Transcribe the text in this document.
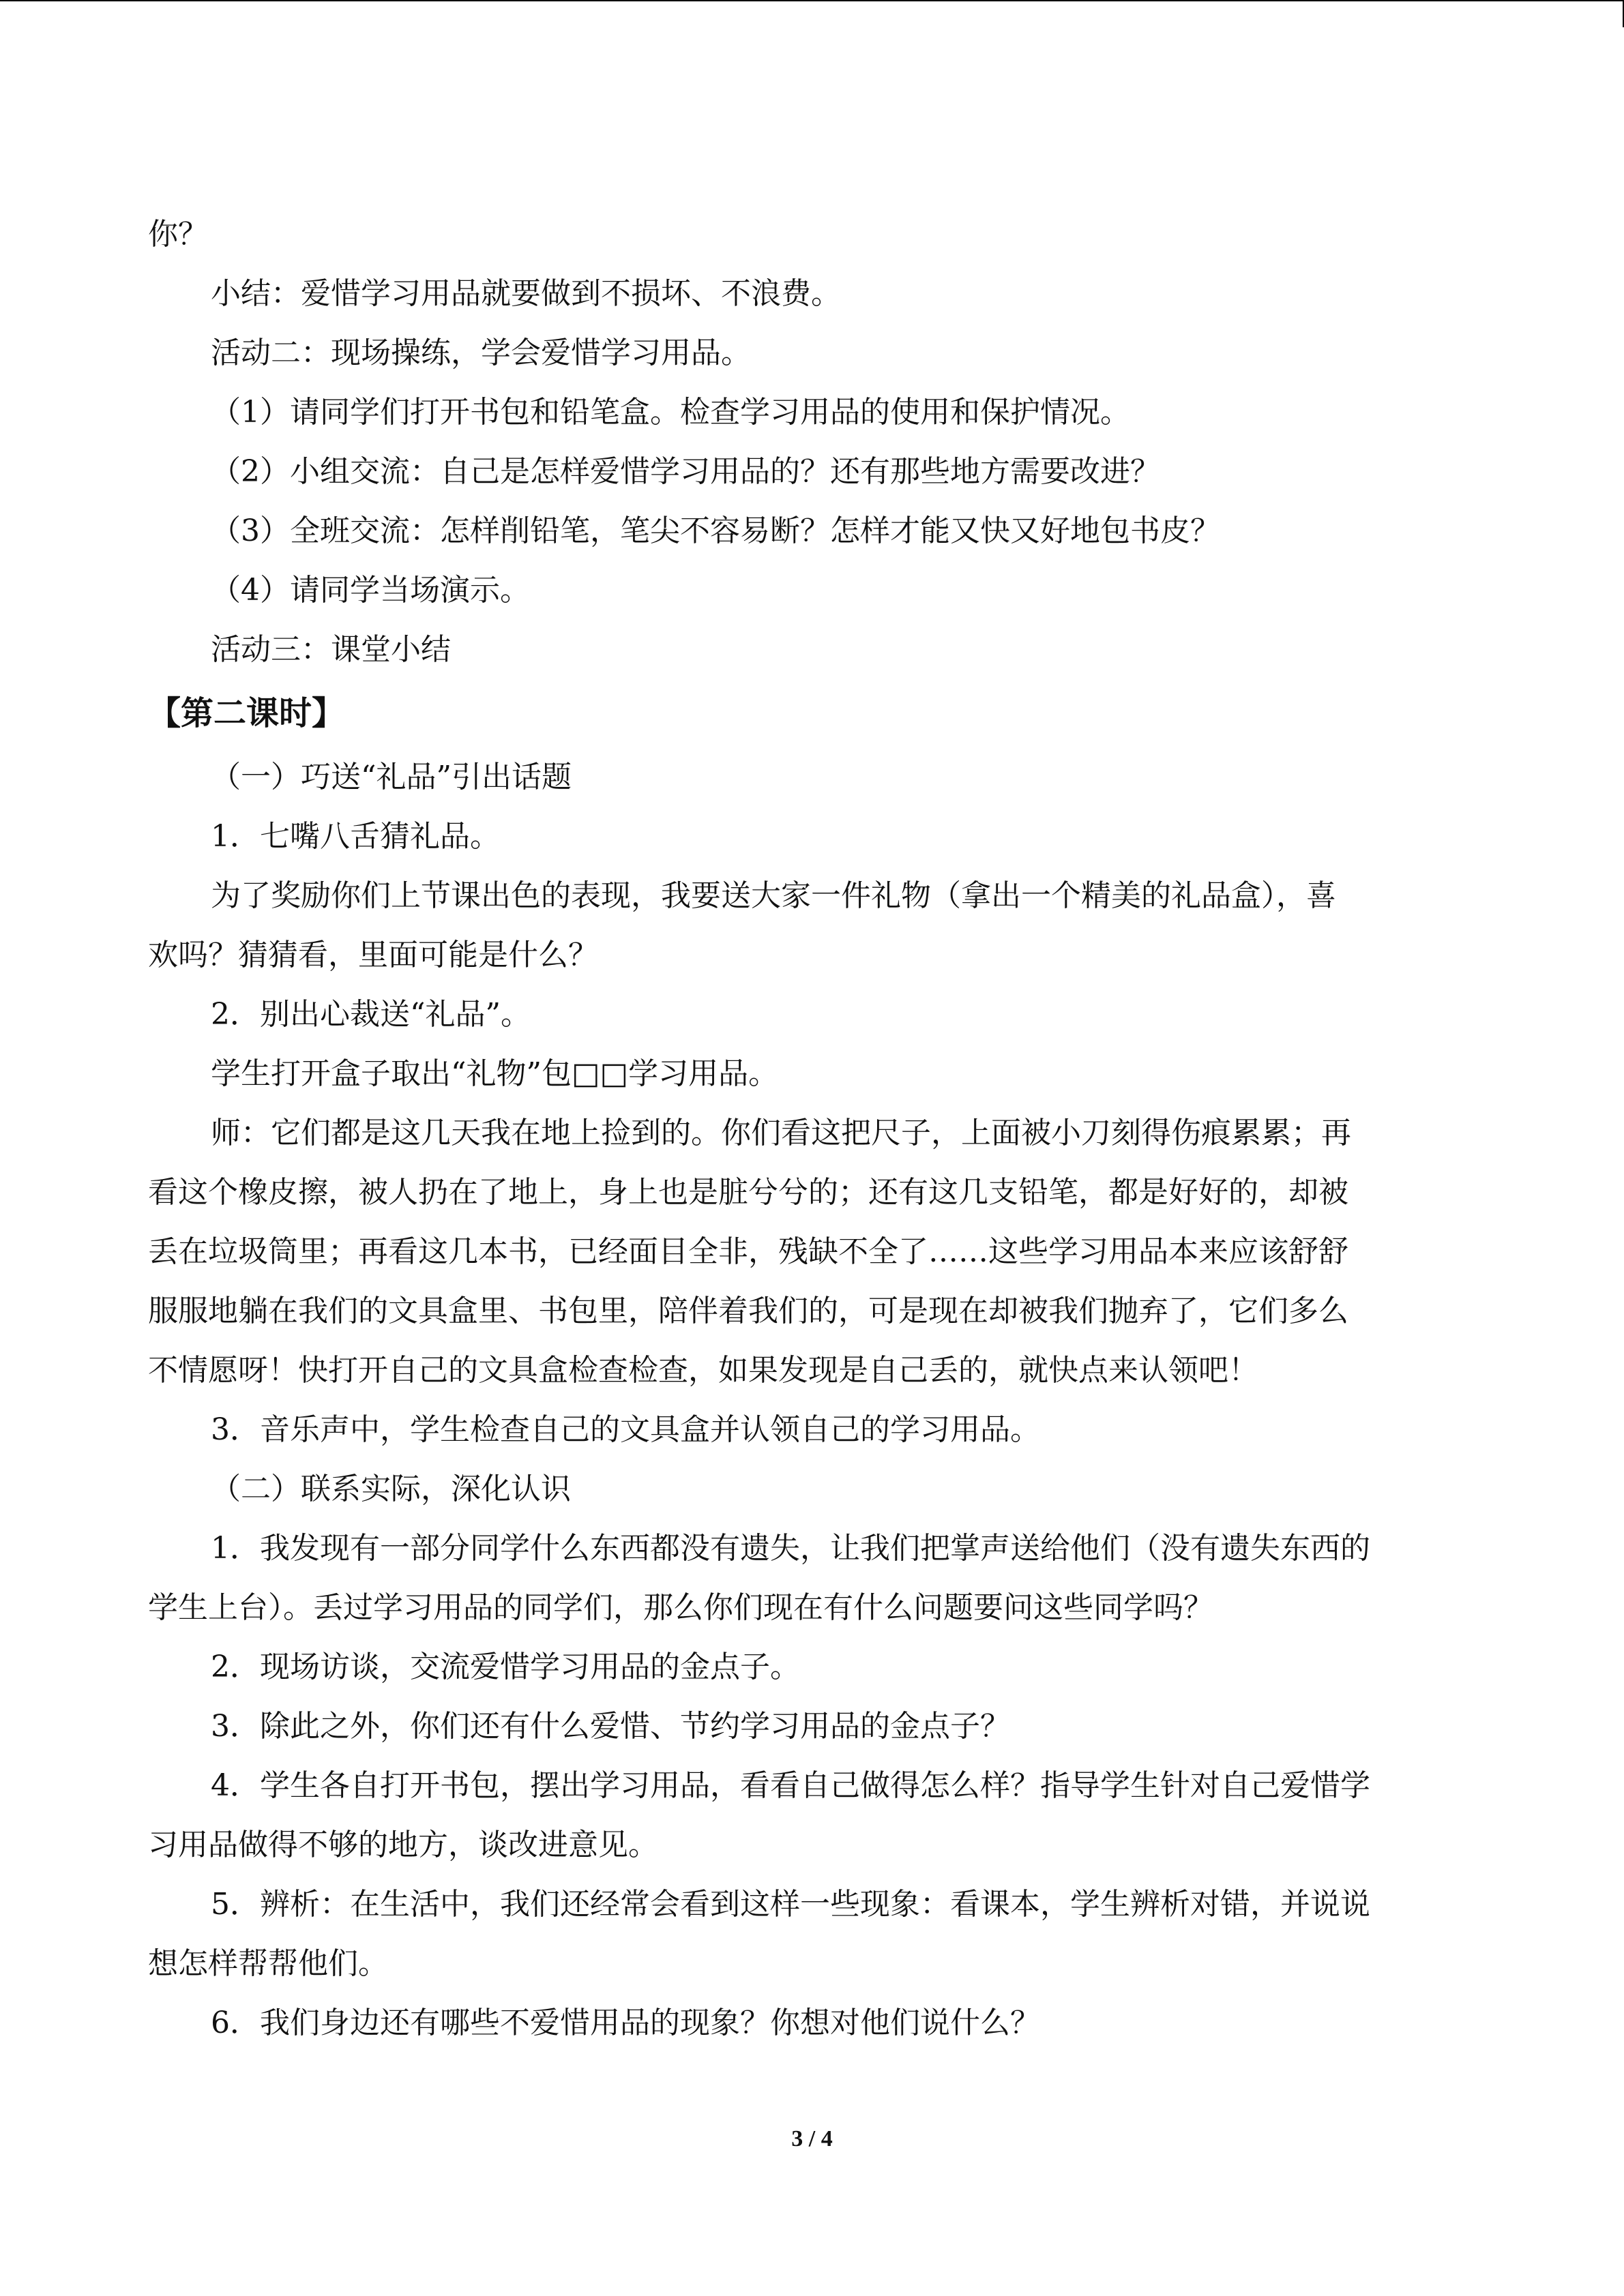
你？
小结：爱惜学习用品就要做到不损坏、不浪费。
活动二：现场操练，学会爱惜学习用品。
（1）请同学们打开书包和铅笔盒。检查学习用品的使用和保护情况。
（2）小组交流：自己是怎样爱惜学习用品的？还有那些地方需要改进？
（3）全班交流：怎样削铅笔，笔尖不容易断？怎样才能又快又好地包书皮？
（4）请同学当场演示。
活动三：课堂小结
【第二课时】
（一）巧送“礼品”引出话题
1．七嘴八舌猜礼品。
为了奖励你们上节课出色的表现，我要送大家一件礼物（拿出一个精美的礼品盒），喜
欢吗？猜猜看，里面可能是什么？
2．别出心裁送“礼品”。
学生打开盒子取出“礼物”包□□学习用品。
师：它们都是这几天我在地上捡到的。你们看这把尺子，上面被小刀刻得伤痕累累；再
看这个橡皮擦，被人扔在了地上，身上也是脏兮兮的；还有这几支铅笔，都是好好的，却被
丢在垃圾筒里；再看这几本书，已经面目全非，残缺不全了……这些学习用品本来应该舒舒
服服地躺在我们的文具盒里、书包里，陪伴着我们的，可是现在却被我们抛弃了，它们多么
不情愿呀！快打开自己的文具盒检查检查，如果发现是自己丢的，就快点来认领吧！
3．音乐声中，学生检查自己的文具盒并认领自己的学习用品。
（二）联系实际，深化认识
1．我发现有一部分同学什么东西都没有遗失，让我们把掌声送给他们（没有遗失东西的
学生上台）。丢过学习用品的同学们，那么你们现在有什么问题要问这些同学吗？
2．现场访谈，交流爱惜学习用品的金点子。
3．除此之外，你们还有什么爱惜、节约学习用品的金点子？
4．学生各自打开书包，摆出学习用品，看看自己做得怎么样？指导学生针对自己爱惜学
习用品做得不够的地方，谈改进意见。
5．辨析：在生活中，我们还经常会看到这样一些现象：看课本，学生辨析对错，并说说
想怎样帮帮他们。
6．我们身边还有哪些不爱惜用品的现象？你想对他们说什么？
3 / 4
